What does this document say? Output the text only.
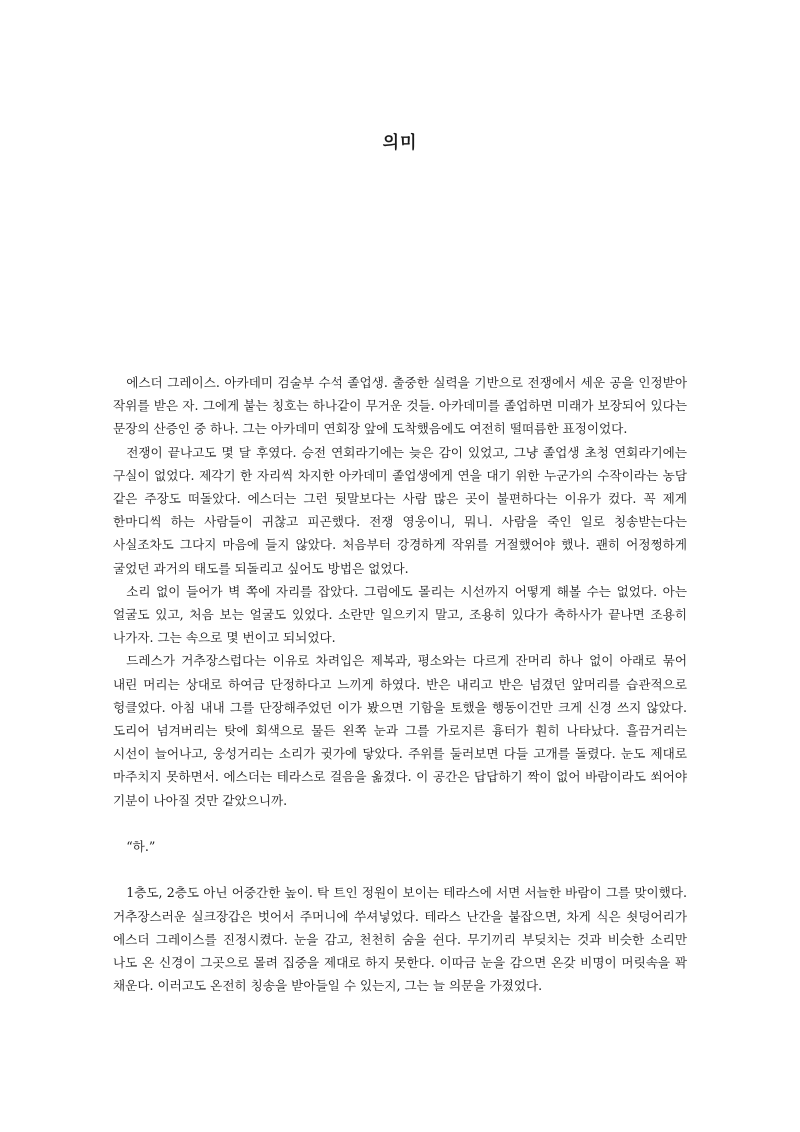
의미

에스더 그레이스. 아카데미 검술부 수석 졸업생. 출중한 실력을 기반으로 전쟁에서 세운 공을 인정받아 작위를 받은 자. 그에게 붙는 칭호는 하나같이 무거운 것들. 아카데미를 졸업하면 미래가 보장되어 있다는 문장의 산증인 중 하나. 그는 아카데미 연회장 앞에 도착했음에도 여전히 떨떠름한 표정이었다.

전쟁이 끝나고도 몇 달 후였다. 승전 연회라기에는 늦은 감이 있었고, 그냥 졸업생 초청 연회라기에는 구실이 없었다. 제각기 한 자리씩 차지한 아카데미 졸업생에게 연을 대기 위한 누군가의 수작이라는 농담 같은 주장도 떠돌았다. 에스더는 그런 뒷말보다는 사람 많은 곳이 불편하다는 이유가 컸다. 꼭 제게 한마디씩 하는 사람들이 귀찮고 피곤했다. 전쟁 영웅이니, 뭐니. 사람을 죽인 일로 칭송받는다는 사실조차도 그다지 마음에 들지 않았다. 처음부터 강경하게 작위를 거절했어야 했나. 괜히 어정쩡하게 굴었던 과거의 태도를 되돌리고 싶어도 방법은 없었다.

소리 없이 들어가 벽 쪽에 자리를 잡았다. 그럼에도 몰리는 시선까지 어떻게 해볼 수는 없었다. 아는 얼굴도 있고, 처음 보는 얼굴도 있었다. 소란만 일으키지 말고, 조용히 있다가 축하사가 끝나면 조용히 나가자. 그는 속으로 몇 번이고 되뇌었다.

드레스가 거추장스럽다는 이유로 차려입은 제복과, 평소와는 다르게 잔머리 하나 없이 아래로 묶어 내린 머리는 상대로 하여금 단정하다고 느끼게 하였다. 반은 내리고 반은 넘겼던 앞머리를 습관적으로 헝클었다. 아침 내내 그를 단장해주었던 이가 봤으면 기함을 토했을 행동이건만 크게 신경 쓰지 않았다. 도리어 넘겨버리는 탓에 회색으로 물든 왼쪽 눈과 그를 가로지른 흉터가 훤히 나타났다. 흘끔거리는 시선이 늘어나고, 웅성거리는 소리가 귓가에 닿았다. 주위를 둘러보면 다들 고개를 돌렸다. 눈도 제대로 마주치지 못하면서. 에스더는 테라스로 걸음을 옮겼다. 이 공간은 답답하기 짝이 없어 바람이라도 쐬어야 기분이 나아질 것만 같았으니까.

“하.”

1층도, 2층도 아닌 어중간한 높이. 탁 트인 정원이 보이는 테라스에 서면 서늘한 바람이 그를 맞이했다. 거추장스러운 실크장갑은 벗어서 주머니에 쑤셔넣었다. 테라스 난간을 붙잡으면, 차게 식은 쇳덩어리가 에스더 그레이스를 진정시켰다. 눈을 감고, 천천히 숨을 쉰다. 무기끼리 부딪치는 것과 비슷한 소리만 나도 온 신경이 그곳으로 몰려 집중을 제대로 하지 못한다. 이따금 눈을 감으면 온갖 비명이 머릿속을 꽉 채운다. 이러고도 온전히 칭송을 받아들일 수 있는지, 그는 늘 의문을 가졌었다.
